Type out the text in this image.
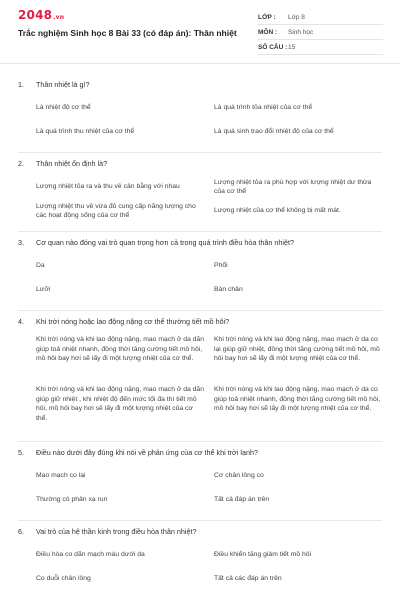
2048.vn
Trắc nghiệm Sinh học 8 Bài 33 (có đáp án): Thân nhiệt
LỚP :	Lớp 8
MÔN :	Sinh học
SỐ CÂU : 15
1.	Thân nhiệt là gì?
Là nhiệt độ cơ thể	Là quá trình tỏa nhiệt của cơ thể
Là quá trình thu nhiệt của cơ thể	Là quá sinh trao đổi nhiệt độ của cơ thể
2.	Thân nhiệt ổn định là?
Lượng nhiệt tỏa ra và thu về cân bằng với nhau
Lượng nhiệt tỏa ra phù hợp với lượng nhiệt dư thừa của cơ thể
Lượng nhiệt thu về vừa đủ cung cấp năng lượng cho các hoạt động sống của cơ thể
Lượng nhiệt của cơ thể không bị mất mát.
3.	Cơ quan nào đóng vai trò quan trọng hơn cả trong quá trình điều hòa thân nhiệt?
Da	Phổi
Lưỡi	Bàn chân
4.	Khi trời nóng hoặc lao động nặng cơ thể thường tiết mồ hôi?
Khi trời nóng và khi lao động nặng, mao mạch ở da dãn giúp toả nhiệt nhanh, đồng thời tăng cường tiết mồ hôi, mồ hôi bay hơi sẽ lấy đi một lượng nhiệt của cơ thể.
Khi trời nóng và khi lao động nặng, mao mạch ở da co lại giúp giữ nhiệt, đồng thời tăng cường tiết mồ hôi, mồ hôi bay hơi sẽ lấy đi một lượng nhiệt của cơ thể.
Khi trời nóng và khi lao động nặng, mao mạch ở da dãn giúp giữ nhiệt , khi nhiệt độ đến mức tối đa thì tiết mồ hôi, mồ hôi bay hơi sẽ lấy đi một lượng nhiệt của cơ thể.
Khi trời nóng và khi lao động nặng, mao mạch ở da co giúp toả nhiệt nhanh, đồng thời tăng cường tiết mồ hôi, mồ hôi bay hơi sẽ lấy đi một lượng nhiệt của cơ thể.
5.	Điều nào dưới đây đúng khi nói về phản ứng của cơ thể khi trời lạnh?
Mao mạch co lại	Cơ chân lông co
Thường có phản xạ run	Tất cả đáp án trên
6.	Vai trò của hệ thần kinh trong điều hòa thân nhiệt?
Điều hòa co dãn mạch máu dưới da	Điều khiển tăng giảm tiết mồ hôi
Co duỗi chân lông	Tất cả các đáp án trên
